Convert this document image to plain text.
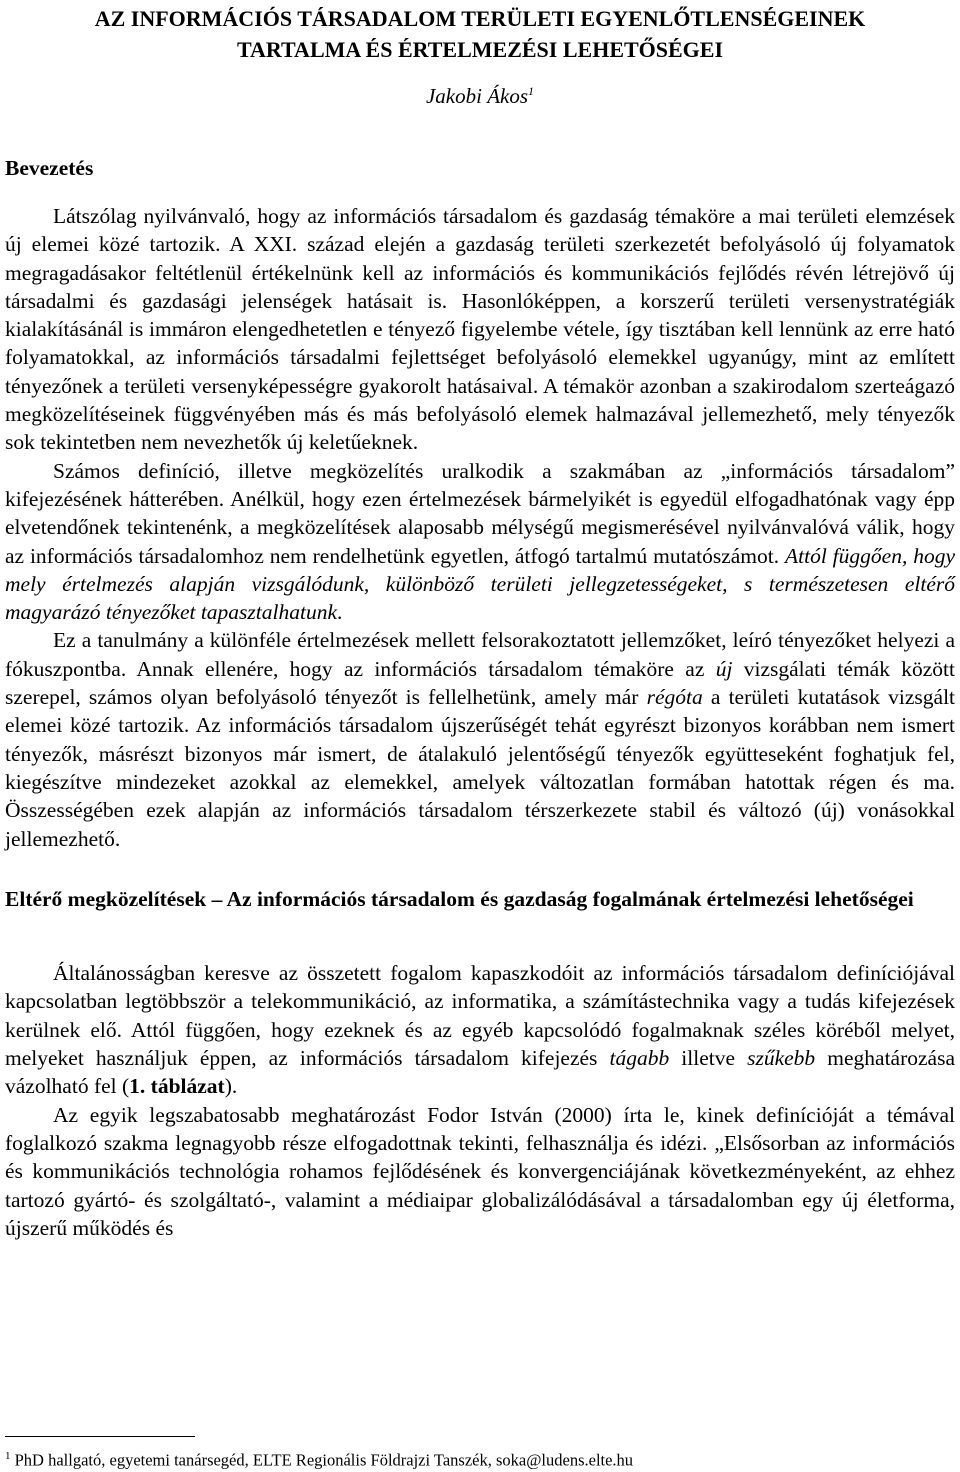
AZ INFORMÁCIÓS TÁRSADALOM TERÜLETI EGYENLŐTLENSÉGEINEK
TARTALMA ÉS ÉRTELMEZÉSI LEHETŐSÉGEI
Jakobi Ákos$^1$
Bevezetés

Látszólag nyilvánvaló, hogy az információs társadalom és gazdaság témaköre a mai területi elemzések új elemei közé tartozik. A XXI. század elején a gazdaság területi szerkezetét befolyásoló új folyamatok megragadásakor feltétlenül értékelnünk kell az információs és kommunikációs fejlődés révén létrejövő új társadalmi és gazdasági jelenségek hatásait is. Hasonlóképpen, a korszerű területi versenystratégiák kialakításánál is immáron elengedhetetlen e tényező figyelembe vétele, így tisztában kell lennünk az erre ható folyamatokkal, az információs társadalmi fejlettséget befolyásoló elemekkel ugyanúgy, mint az említett tényezőnek a területi versenyképességre gyakorolt hatásaival. A témakör azonban a szakirodalom szerteágazó megközelítéseinek függvényében más és más befolyásoló elemek halmazával jellemezhető, mely tényezők sok tekintetben nem nevezhetők új keletűeknek.

Számos definíció, illetve megközelítés uralkodik a szakmában az „információs társadalom” kifejezésének hátterében. Anélkül, hogy ezen értelmezések bármelyikét is egyedül elfogadhatónak vagy épp elvetendőnek tekintenénk, a megközelítések alaposabb mélységű megismerésével nyilvánvalóvá válik, hogy az információs társadalomhoz nem rendelhetünk egyetlen, átfogó tartalmú mutatószámot. Attól függően, hogy mely értelmezés alapján vizsgálódunk, különböző területi jellegzetességeket, s természetesen eltérő magyarázó tényezőket tapasztalhatunk.

Ez a tanulmány a különféle értelmezések mellett felsorakoztatott jellemzőket, leíró tényezőket helyezi a fókuszpontba. Annak ellenére, hogy az információs társadalom témaköre az új vizsgálati témák között szerepel, számos olyan befolyásoló tényezőt is fellelhetünk, amely már régóta a területi kutatások vizsgált elemei közé tartozik. Az információs társadalom újszerűségét tehát egyrészt bizonyos korábban nem ismert tényezők, másrészt bizonyos már ismert, de átalakuló jelentőségű tényezők együtteseként foghatjuk fel, kiegészítve mindezeket azokkal az elemekkel, amelyek változatlan formában hatottak régen és ma. Összességében ezek alapján az információs társadalom térszerkezete stabil és változó (új) vonásokkal jellemezhető.

Eltérő megközelítések – Az információs társadalom és gazdaság fogalmának értelmezési lehetőségei

Általánosságban keresve az összetett fogalom kapaszkodóit az információs társadalom definíciójával kapcsolatban legtöbbször a telekommunikáció, az informatika, a számítástechnika vagy a tudás kifejezések kerülnek elő. Attól függően, hogy ezeknek és az egyéb kapcsolódó fogalmaknak széles köréből melyet, melyeket használjuk éppen, az információs társadalom kifejezés tágabb illetve szűkebb meghatározása vázolható fel (1. táblázat).

Az egyik legszabatosabb meghatározást Fodor István (2000) írta le, kinek definícióját a témával foglalkozó szakma legnagyobb része elfogadottnak tekinti, felhasználja és idézi. „Elsősorban az információs és kommunikációs technológia rohamos fejlődésének és konvergenciájának következményeként, az ehhez tartozó gyártó- és szolgáltató-, valamint a médiaipar globalizálódásával a társadalomban egy új életforma, újszerű működés és

$^1$ PhD hallgató, egyetemi tanársegéd, ELTE Regionális Földrajzi Tanszék, soka@ludens.elte.hu
